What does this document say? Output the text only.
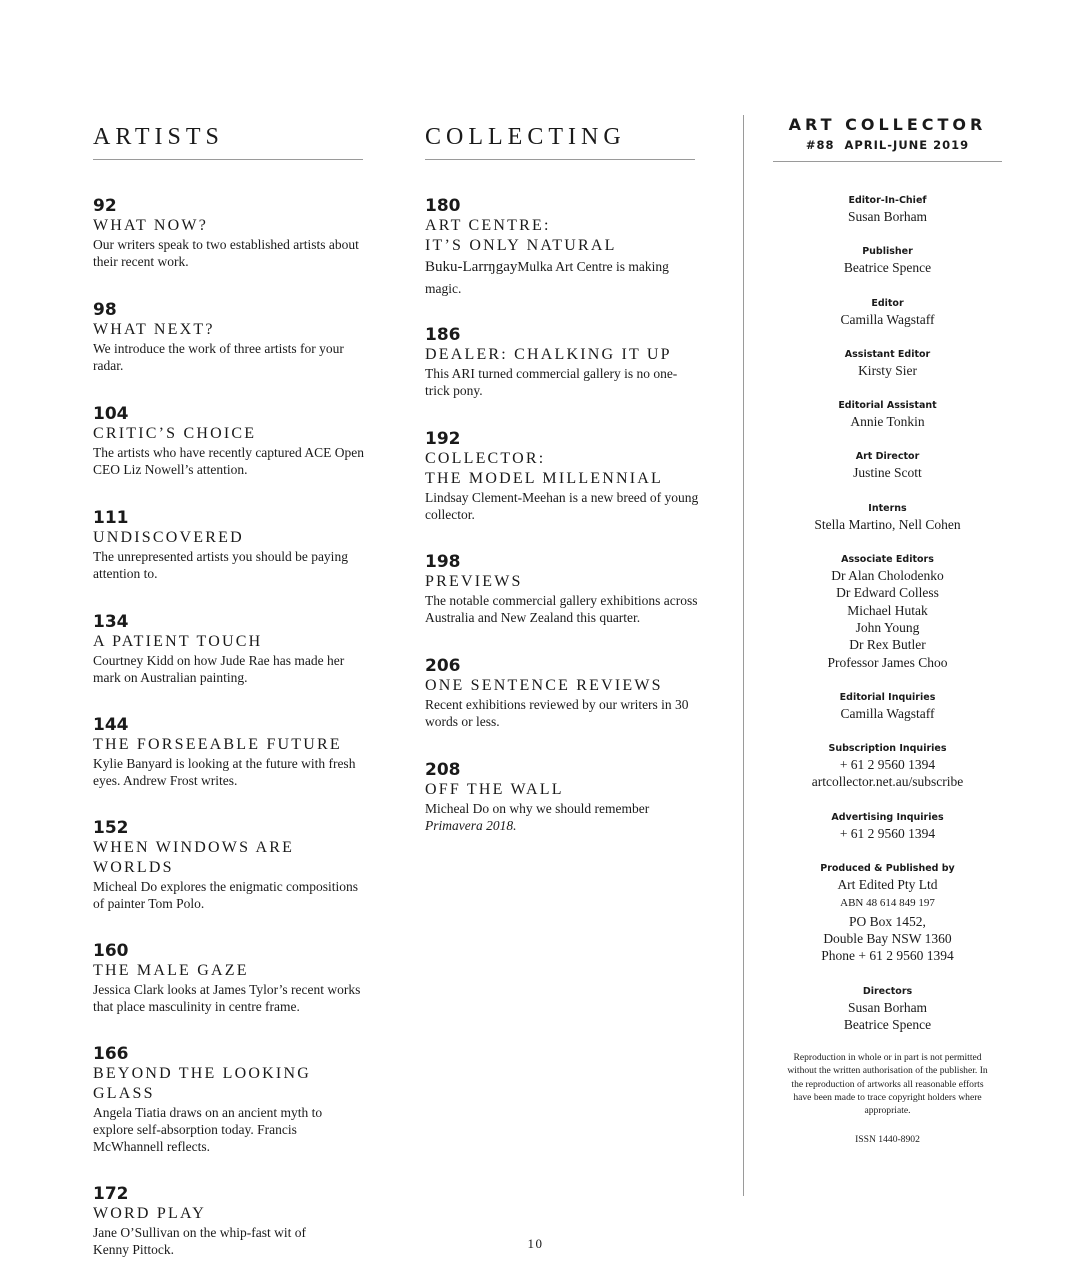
ARTISTS

92

WHAT NOW?

Our writers speak to two established artists about their recent work.

98

WHAT NEXT?

We introduce the work of three artists for your radar.

104

CRITIC’S CHOICE

The artists who have recently captured ACE Open CEO Liz Nowell’s attention.

111

UNDISCOVERED

The unrepresented artists you should be paying attention to.

134

A PATIENT TOUCH

Courtney Kidd on how Jude Rae has made her mark on Australian painting.

144

THE FORSEEABLE FUTURE

Kylie Banyard is looking at the future with fresh eyes. Andrew Frost writes.

152

WHEN WINDOWS ARE WORLDS

Micheal Do explores the enigmatic compositions of painter Tom Polo.

160

THE MALE GAZE

Jessica Clark looks at James Tylor’s recent works that place masculinity in centre frame.

166

BEYOND THE LOOKING GLASS

Angela Tiatia draws on an ancient myth to explore self-absorption today. Francis McWhannell reflects.

172

WORD PLAY

Jane O’Sullivan on the whip-fast wit of Kenny Pittock.

COLLECTING

180

ART CENTRE:

IT’S ONLY NATURAL

Buku-LarrŋgayMulka Art Centre is making magic.

186

DEALER: CHALKING IT UP

This ARI turned commercial gallery is no one-trick pony.

192

COLLECTOR:

THE MODEL MILLENNIAL

Lindsay Clement-Meehan is a new breed of young collector.

198

PREVIEWS

The notable commercial gallery exhibitions across Australia and New Zealand this quarter.

206

ONE SENTENCE REVIEWS

Recent exhibitions reviewed by our writers in 30 words or less.

208

OFF THE WALL

Micheal Do on why we should remember

Primavera 2018.

ART COLLECTOR

#88  APRIL-JUNE 2019

Editor-In-Chief

Susan Borham

Publisher

Beatrice Spence

Editor

Camilla Wagstaff

Assistant Editor

Kirsty Sier

Editorial Assistant

Annie Tonkin

Art Director

Justine Scott

Interns

Stella Martino, Nell Cohen

Associate Editors

Dr Alan Cholodenko

Dr Edward Colless

Michael Hutak

John Young

Dr Rex Butler

Professor James Choo

Editorial Inquiries

Camilla Wagstaff

Subscription Inquiries

+ 61 2 9560 1394

artcollector.net.au/subscribe

Advertising Inquiries

+ 61 2 9560 1394

Produced & Published by

Art Edited Pty Ltd

ABN 48 614 849 197

PO Box 1452,

Double Bay NSW 1360

Phone + 61 2 9560 1394

Directors

Susan Borham

Beatrice Spence

Reproduction in whole or in part is not permitted without the written authorisation of the publisher. In the reproduction of artworks all reasonable efforts have been made to trace copyright holders where appropriate.

ISSN 1440-8902

10
